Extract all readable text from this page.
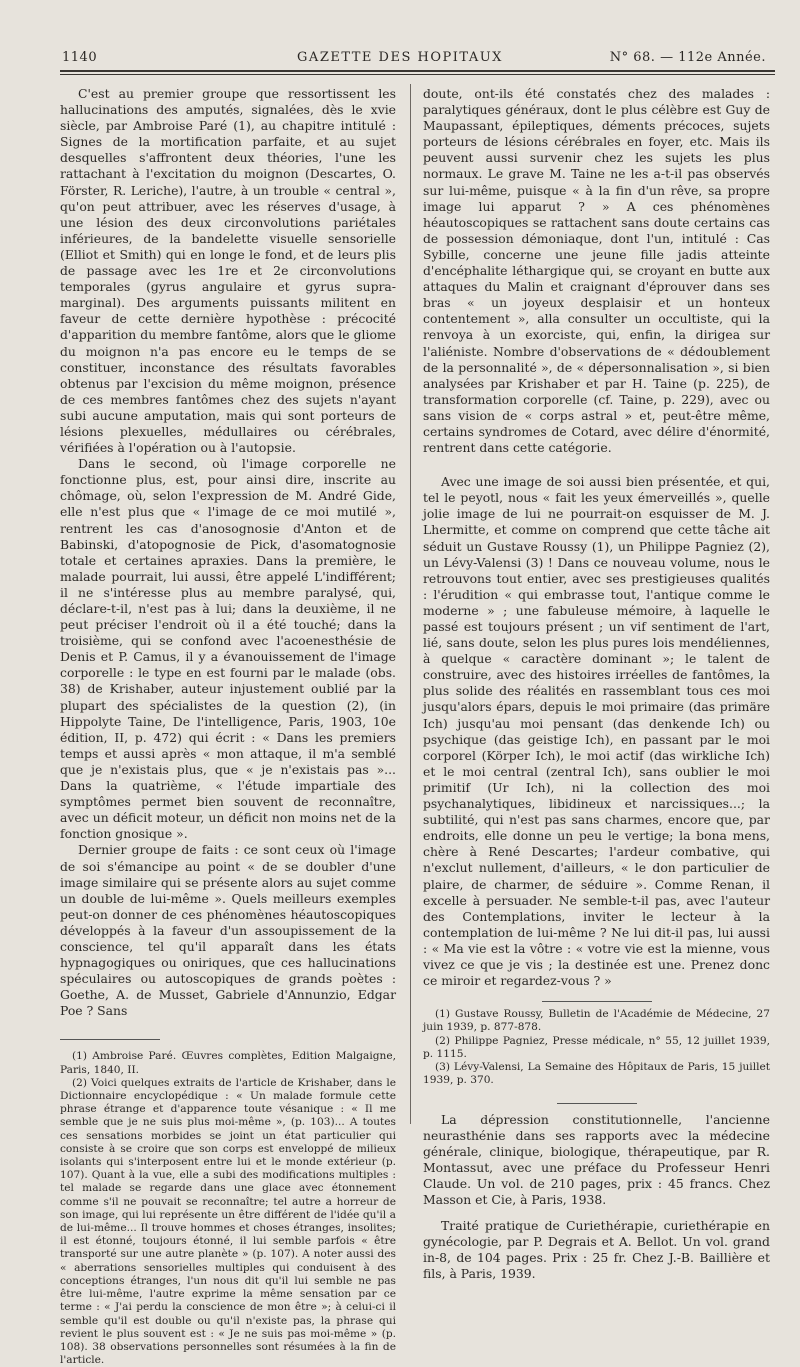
GAZETTE DES HOPITAUX
1140	N° 68. — 112e Année.

C'est au premier groupe que ressortissent les hallucinations des amputés, signalées, dès le xvie siècle, par Ambroise Paré (1), au chapitre intitulé : Signes de la mortification parfaite, et au sujet desquelles s'affrontent deux théories, l'une les rattachant à l'excitation du moignon (Descartes, O. Förster, R. Leriche), l'autre, à un trouble « central », qu'on peut attribuer, avec les réserves d'usage, à une lésion des deux circonvolutions pariétales inférieures, de la bandelette visuelle sensorielle (Elliot et Smith) qui en longe le fond, et de leurs plis de passage avec les 1re et 2e circonvolutions temporales (gyrus angulaire et gyrus supra-marginal). Des arguments puissants militent en faveur de cette dernière hypothèse : précocité d'apparition du membre fantôme, alors que le gliome du moignon n'a pas encore eu le temps de se constituer, inconstance des résultats favorables obtenus par l'excision du même moignon, présence de ces membres fantômes chez des sujets n'ayant subi aucune amputation, mais qui sont porteurs de lésions plexuelles, médullaires ou cérébrales, vérifiées à l'opération ou à l'autopsie.

Dans le second, où l'image corporelle ne fonctionne plus, est, pour ainsi dire, inscrite au chômage, où, selon l'expression de M. André Gide, elle n'est plus que « l'image de ce moi mutilé », rentrent les cas d'anosognosie d'Anton et de Babinski, d'atopognosie de Pick, d'asomatognosie totale et certaines apraxies. Dans la première, le malade pourrait, lui aussi, être appelé L'indifférent; il ne s'intéresse plus au membre paralysé, qui, déclare-t-il, n'est pas à lui; dans la deuxième, il ne peut préciser l'endroit où il a été touché; dans la troisième, qui se confond avec l'acoenesthésie de Denis et P. Camus, il y a évanouissement de l'image corporelle : le type en est fourni par le malade (obs. 38) de Krishaber, auteur injustement oublié par la plupart des spécialistes de la question (2), (in Hippolyte Taine, De l'intelligence, Paris, 1903, 10e édition, II, p. 472) qui écrit : « Dans les premiers temps et aussi après « mon attaque, il m'a semblé que je n'existais plus, que « je n'existais pas »... Dans la quatrième, « l'étude impartiale des symptômes permet bien souvent de reconnaître, avec un déficit moteur, un déficit non moins net de la fonction gnosique ».

Dernier groupe de faits : ce sont ceux où l'image de soi s'émancipe au point « de se doubler d'une image similaire qui se présente alors au sujet comme un double de lui-même ». Quels meilleurs exemples peut-on donner de ces phénomènes héautoscopiques développés à la faveur d'un assoupissement de la conscience, tel qu'il apparaît dans les états hypnagogiques ou oniriques, que ces hallucinations spéculaires ou autoscopiques de grands poètes : Goethe, A. de Musset, Gabriele d'Annunzio, Edgar Poe ? Sans

(1) Ambroise Paré. Œuvres complètes, Edition Malgaigne, Paris, 1840, II.

(2) Voici quelques extraits de l'article de Krishaber, dans le Dictionnaire encyclopédique : « Un malade formule cette phrase étrange et d'apparence toute vésanique : « Il me semble que je ne suis plus moi-même », (p. 103)... A toutes ces sensations morbides se joint un état particulier qui consiste à se croire que son corps est enveloppé de milieux isolants qui s'interposent entre lui et le monde extérieur (p. 107). Quant à la vue, elle a subi des modifications multiples : tel malade se regarde dans une glace avec étonnement comme s'il ne pouvait se reconnaître; tel autre a horreur de son image, qui lui représente un être différent de l'idée qu'il a de lui-même... Il trouve hommes et choses étranges, insolites; il est étonné, toujours étonné, il lui semble parfois « être transporté sur une autre planète » (p. 107). A noter aussi des « aberrations sensorielles multiples qui conduisent à des conceptions étranges, l'un nous dit qu'il lui semble ne pas être lui-même, l'autre exprime la même sensation par ce terme : « J'ai perdu la conscience de mon être »; à celui-ci il semble qu'il est double ou qu'il n'existe pas, la phrase qui revient le plus souvent est : « Je ne suis pas moi-même » (p. 108). 38 observations personnelles sont résumées à la fin de l'article.

doute, ont-ils été constatés chez des malades : paralytiques généraux, dont le plus célèbre est Guy de Maupassant, épileptiques, déments précoces, sujets porteurs de lésions cérébrales en foyer, etc. Mais ils peuvent aussi survenir chez les sujets les plus normaux. Le grave M. Taine ne les a-t-il pas observés sur lui-même, puisque « à la fin d'un rêve, sa propre image lui apparut ? » A ces phénomènes héautoscopiques se rattachent sans doute certains cas de possession démoniaque, dont l'un, intitulé : Cas Sybille, concerne une jeune fille jadis atteinte d'encéphalite léthargique qui, se croyant en butte aux attaques du Malin et craignant d'éprouver dans ses bras « un joyeux desplaisir et un honteux contentement », alla consulter un occultiste, qui la renvoya à un exorciste, qui, enfin, la dirigea sur l'aliéniste. Nombre d'observations de « dédoublement de la personnalité », de « dépersonnalisation », si bien analysées par Krishaber et par H. Taine (p. 225), de transformation corporelle (cf. Taine, p. 229), avec ou sans vision de « corps astral » et, peut-être même, certains syndromes de Cotard, avec délire d'énormité, rentrent dans cette catégorie.

Avec une image de soi aussi bien présentée, et qui, tel le peyotl, nous « fait les yeux émerveillés », quelle jolie image de lui ne pourrait-on esquisser de M. J. Lhermitte, et comme on comprend que cette tâche ait séduit un Gustave Roussy (1), un Philippe Pagniez (2), un Lévy-Valensi (3) ! Dans ce nouveau volume, nous le retrouvons tout entier, avec ses prestigieuses qualités : l'érudition « qui embrasse tout, l'antique comme le moderne » ; une fabuleuse mémoire, à laquelle le passé est toujours présent ; un vif sentiment de l'art, lié, sans doute, selon les plus pures lois mendéliennes, à quelque « caractère dominant »; le talent de construire, avec des histoires irréelles de fantômes, la plus solide des réalités en rassemblant tous ces moi jusqu'alors épars, depuis le moi primaire (das primäre Ich) jusqu'au moi pensant (das denkende Ich) ou psychique (das geistige Ich), en passant par le moi corporel (Körper Ich), le moi actif (das wirkliche Ich) et le moi central (zentral Ich), sans oublier le moi primitif (Ur Ich), ni la collection des moi psychanalytiques, libidineux et narcissiques...; la subtilité, qui n'est pas sans charmes, encore que, par endroits, elle donne un peu le vertige; la bona mens, chère à René Descartes; l'ardeur combative, qui n'exclut nullement, d'ailleurs, « le don particulier de plaire, de charmer, de séduire ». Comme Renan, il excelle à persuader. Ne semble-t-il pas, avec l'auteur des Contemplations, inviter le lecteur à la contemplation de lui-même ? Ne lui dit-il pas, lui aussi : « Ma vie est la vôtre : « votre vie est la mienne, vous vivez ce que je vis ; la destinée est une. Prenez donc ce miroir et regardez-vous ? »

(1) Gustave Roussy, Bulletin de l'Académie de Médecine, 27 juin 1939, p. 877-878.

(2) Philippe Pagniez, Presse médicale, n° 55, 12 juillet 1939, p. 1115.

(3) Lévy-Valensi, La Semaine des Hôpitaux de Paris, 15 juillet 1939, p. 370.

La dépression constitutionnelle, l'ancienne neurasthénie dans ses rapports avec la médecine générale, clinique, biologique, thérapeutique, par R. Montassut, avec une préface du Professeur Henri Claude. Un vol. de 210 pages, prix : 45 francs. Chez Masson et Cie, à Paris, 1938.

Traité pratique de Curiethérapie, curiethérapie en gynécologie, par P. Degrais et A. Bellot. Un vol. grand in-8, de 104 pages. Prix : 25 fr. Chez J.-B. Baillière et fils, à Paris, 1939.
